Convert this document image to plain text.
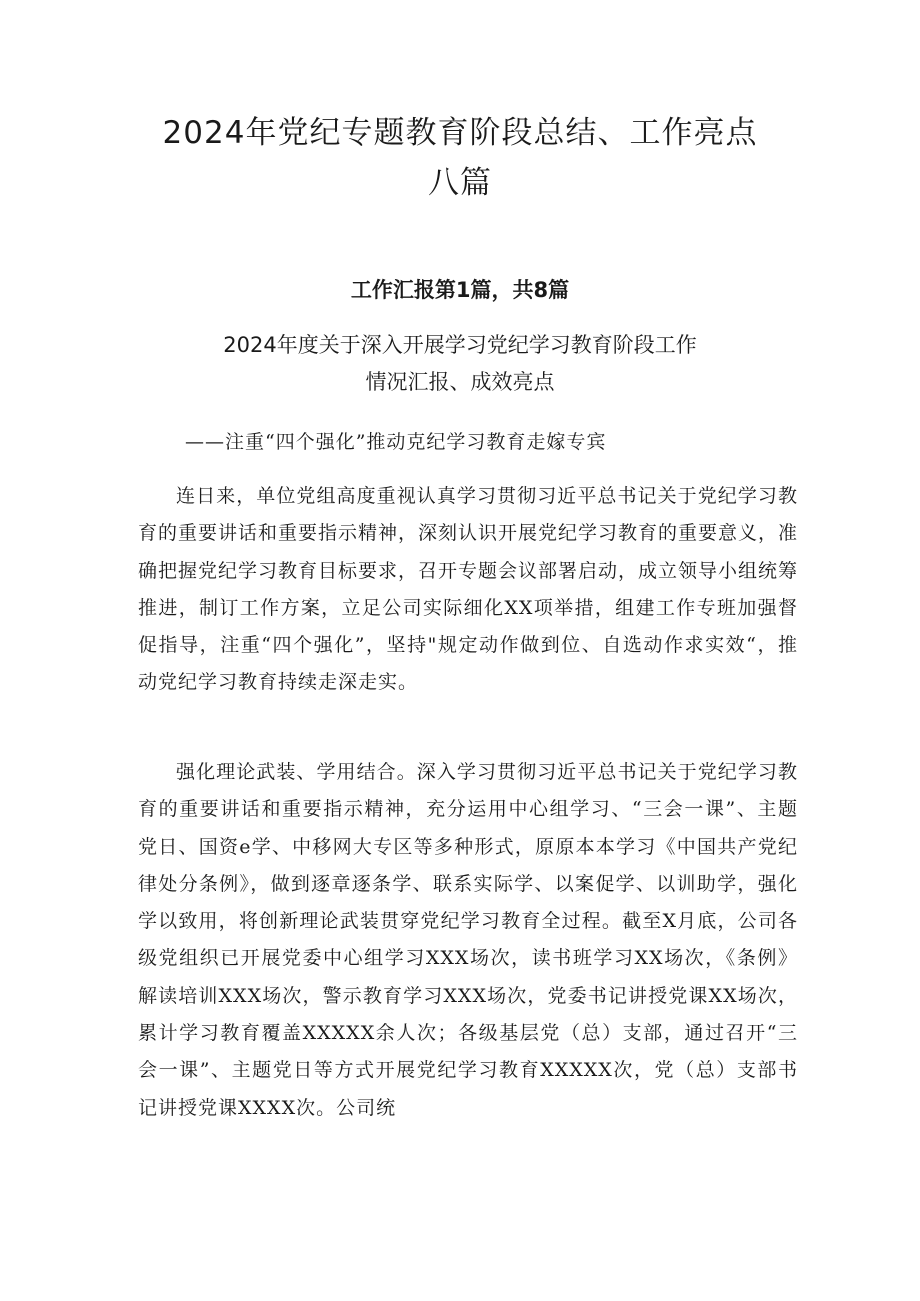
2024年党纪专题教育阶段总结、工作亮点
八篇
工作汇报第1篇，共8篇
2024年度关于深入开展学习党纪学习教育阶段工作
情况汇报、成效亮点
——注重“四个强化”推动克纪学习教育走嫁专宾

连日来，单位党组高度重视认真学习贯彻习近平总书记关于党纪学习教育的重要讲话和重要指示精神，深刻认识开展党纪学习教育的重要意义，准确把握党纪学习教育目标要求，召开专题会议部署启动，成立领导小组统筹推进，制订工作方案，立足公司实际细化XX项举措，组建工作专班加强督促指导，注重“四个强化”，坚持"规定动作做到位、自选动作求实效“，推动党纪学习教育持续走深走实。

强化理论武装、学用结合。深入学习贯彻习近平总书记关于党纪学习教育的重要讲话和重要指示精神，充分运用中心组学习、“三会一课”、主题党日、国资e学、中移网大专区等多种形式，原原本本学习《中国共产党纪律处分条例》，做到逐章逐条学、联系实际学、以案促学、以训助学，强化学以致用，将创新理论武装贯穿党纪学习教育全过程。截至X月底，公司各级党组织已开展党委中心组学习XXX场次，读书班学习XX场次，《条例》解读培训XXX场次，警示教育学习XXX场次，党委书记讲授党课XX场次，累计学习教育覆盖XXXXX余人次；各级基层党（总）支部，通过召开“三会一课”、主题党日等方式开展党纪学习教育XXXXX次，党（总）支部书记讲授党课XXXX次。公司统
